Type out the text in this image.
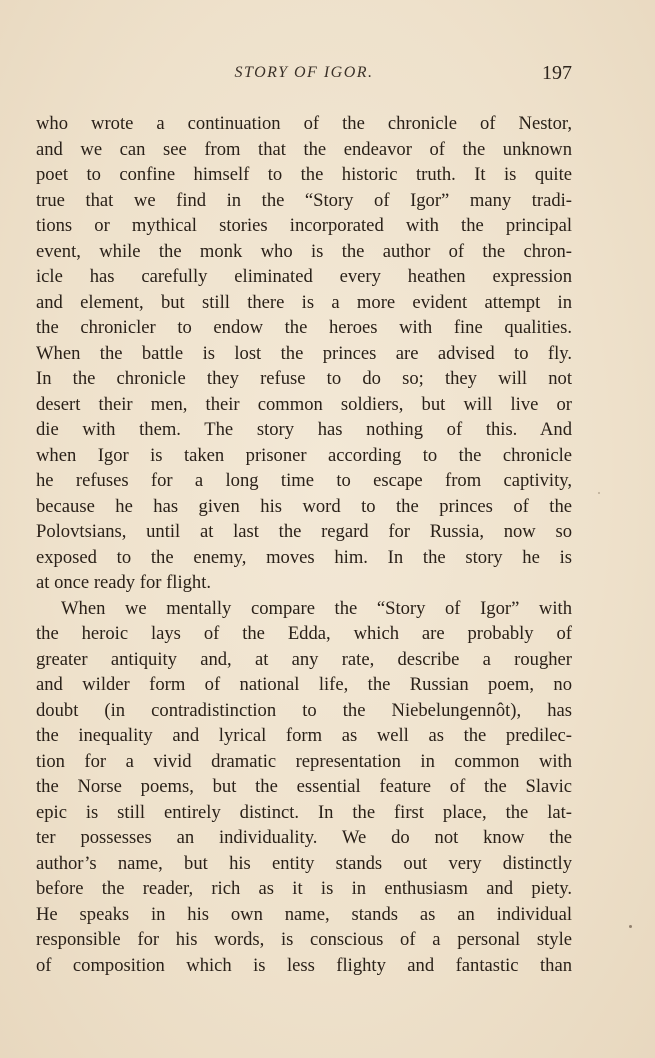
STORY OF IGOR.	197
who wrote a continuation of the chronicle of Nestor,
and we can see from that the endeavor of the unknown
poet to confine himself to the historic truth. It is quite
true that we find in the “Story of Igor” many tradi-
tions or mythical stories incorporated with the principal
event, while the monk who is the author of the chron-
icle has carefully eliminated every heathen expression
and element, but still there is a more evident attempt in
the chronicler to endow the heroes with fine qualities.
When the battle is lost the princes are advised to fly.
In the chronicle they refuse to do so; they will not
desert their men, their common soldiers, but will live or
die with them. The story has nothing of this. And
when Igor is taken prisoner according to the chronicle
he refuses for a long time to escape from captivity,
because he has given his word to the princes of the
Polovtsians, until at last the regard for Russia, now so
exposed to the enemy, moves him. In the story he is
at once ready for flight.
When we mentally compare the “Story of Igor” with
the heroic lays of the Edda, which are probably of
greater antiquity and, at any rate, describe a rougher
and wilder form of national life, the Russian poem, no
doubt (in contradistinction to the Niebelungennôt), has
the inequality and lyrical form as well as the predilec-
tion for a vivid dramatic representation in common with
the Norse poems, but the essential feature of the Slavic
epic is still entirely distinct. In the first place, the lat-
ter possesses an individuality. We do not know the
author’s name, but his entity stands out very distinctly
before the reader, rich as it is in enthusiasm and piety.
He speaks in his own name, stands as an individual
responsible for his words, is conscious of a personal style
of composition which is less flighty and fantastic than
